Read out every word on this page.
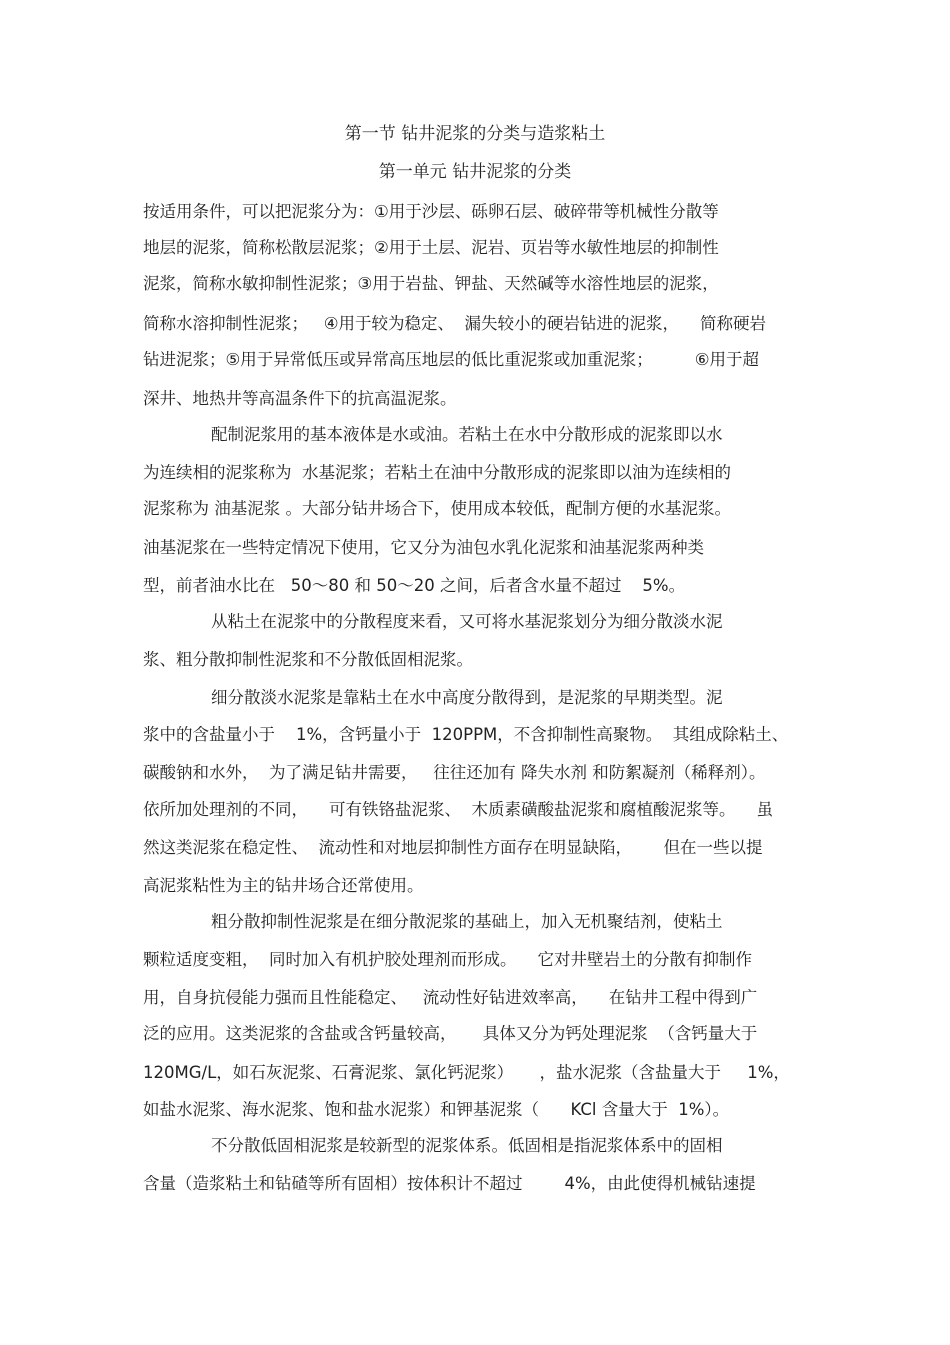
第一节 钻井泥浆的分类与造浆粘土
第一单元 钻井泥浆的分类
按适用条件，可以把泥浆分为：①用于沙层、砾卵石层、破碎带等机械性分散等
地层的泥浆，简称松散层泥浆；②用于土层、泥岩、页岩等水敏性地层的抑制性
泥浆，简称水敏抑制性泥浆；③用于岩盐、钾盐、天然碱等水溶性地层的泥浆，
简称水溶抑制性泥浆；   ④用于较为稳定、  漏失较小的硬岩钻进的泥浆，    简称硬岩
钻进泥浆；⑤用于异常低压或异常高压地层的低比重泥浆或加重泥浆；        ⑥用于超
深井、地热井等高温条件下的抗高温泥浆。
配制泥浆用的基本液体是水或油。若粘土在水中分散形成的泥浆即以水
为连续相的泥浆称为  水基泥浆；若粘土在油中分散形成的泥浆即以油为连续相的
泥浆称为 油基泥浆 。大部分钻井场合下，使用成本较低，配制方便的水基泥浆。
油基泥浆在一些特定情况下使用，它又分为油包水乳化泥浆和油基泥浆两种类
型，前者油水比在   50～80 和 50～20 之间，后者含水量不超过    5%。
从粘土在泥浆中的分散程度来看，又可将水基泥浆划分为细分散淡水泥
浆、粗分散抑制性泥浆和不分散低固相泥浆。
细分散淡水泥浆是靠粘土在水中高度分散得到，是泥浆的早期类型。泥
浆中的含盐量小于    1%，含钙量小于  120PPM，不含抑制性高聚物。  其组成除粘土、
碳酸钠和水外，  为了满足钻井需要，   往往还加有 降失水剂 和防絮凝剂（稀释剂）。
依所加处理剂的不同，    可有铁铬盐泥浆、  木质素磺酸盐泥浆和腐植酸泥浆等。    虽
然这类泥浆在稳定性、  流动性和对地层抑制性方面存在明显缺陷，      但在一些以提
高泥浆粘性为主的钻井场合还常使用。
粗分散抑制性泥浆是在细分散泥浆的基础上，加入无机聚结剂，使粘土
颗粒适度变粗，  同时加入有机护胶处理剂而形成。    它对井壁岩土的分散有抑制作
用，自身抗侵能力强而且性能稳定、   流动性好钻进效率高，    在钻井工程中得到广
泛的应用。这类泥浆的含盐或含钙量较高，     具体又分为钙处理泥浆  （含钙量大于
120MG/L，如石灰泥浆、石膏泥浆、氯化钙泥浆）     ，盐水泥浆（含盐量大于     1%，
如盐水泥浆、海水泥浆、饱和盐水泥浆）和钾基泥浆（      KCl 含量大于  1%）。
不分散低固相泥浆是较新型的泥浆体系。低固相是指泥浆体系中的固相
含量（造浆粘土和钻碴等所有固相）按体积计不超过        4%，由此使得机械钻速提
